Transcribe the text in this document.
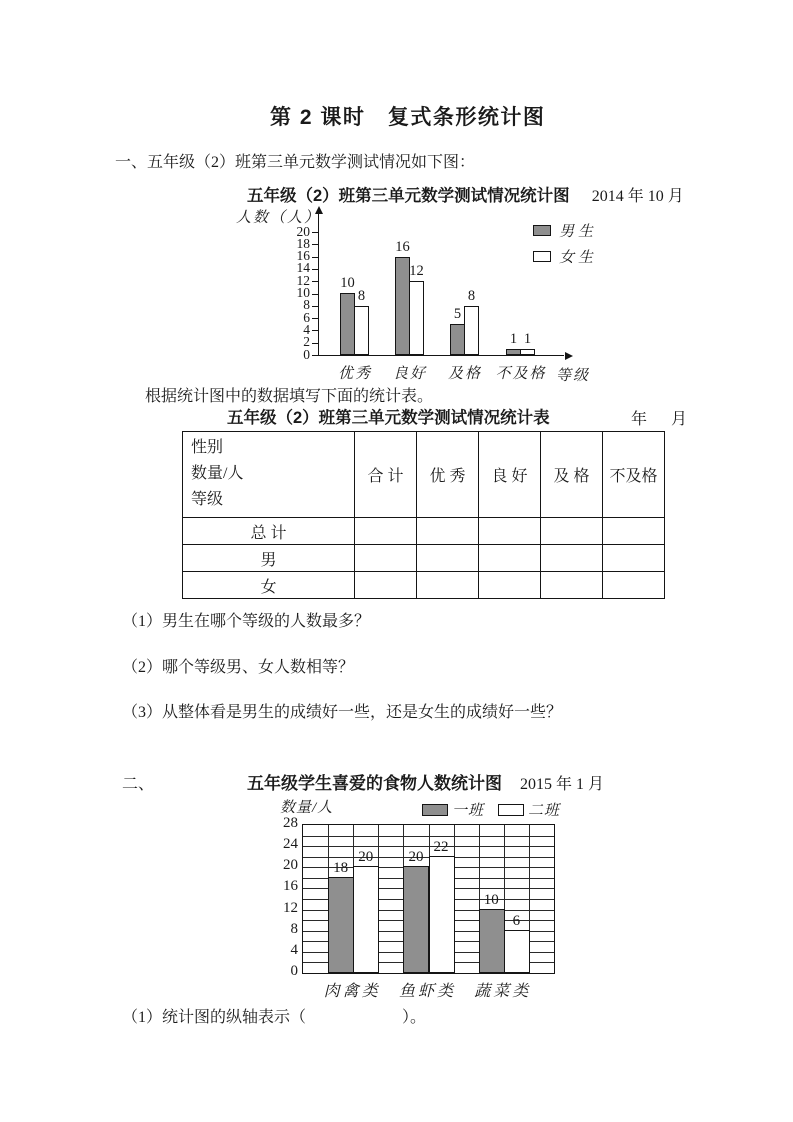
第 2 课时　复式条形统计图
一、五年级（2）班第三单元数学测试情况如下图：
五年级（2）班第三单元数学测试情况统计图 2014 年 10 月
人数（人）
0
2
4
6
8
10
12
14
16
18
20
10
8
优秀
16
12
良好
5
8
及格
1 1
不及格 等级
男生
女生
根据统计图中的数据填写下面的统计表。
五年级（2）班第三单元数学测试情况统计表	年　月
性别
数量/人
等级	合 计	优 秀	良 好	及 格	不及格
总 计					
男					
女					
（1）男生在哪个等级的人数最多？
（2）哪个等级男、女人数相等？
（3）从整体看是男生的成绩好一些，还是女生的成绩好一些？
二、	五年级学生喜爱的食物人数统计图 2015 年 1 月
数量/人	一班	二班
18
20	20
22
10
6
肉禽类	鱼虾类	蔬菜类
0
4
8
12
16
20
24
28
（1）统计图的纵轴表示（　　　　　　）。
